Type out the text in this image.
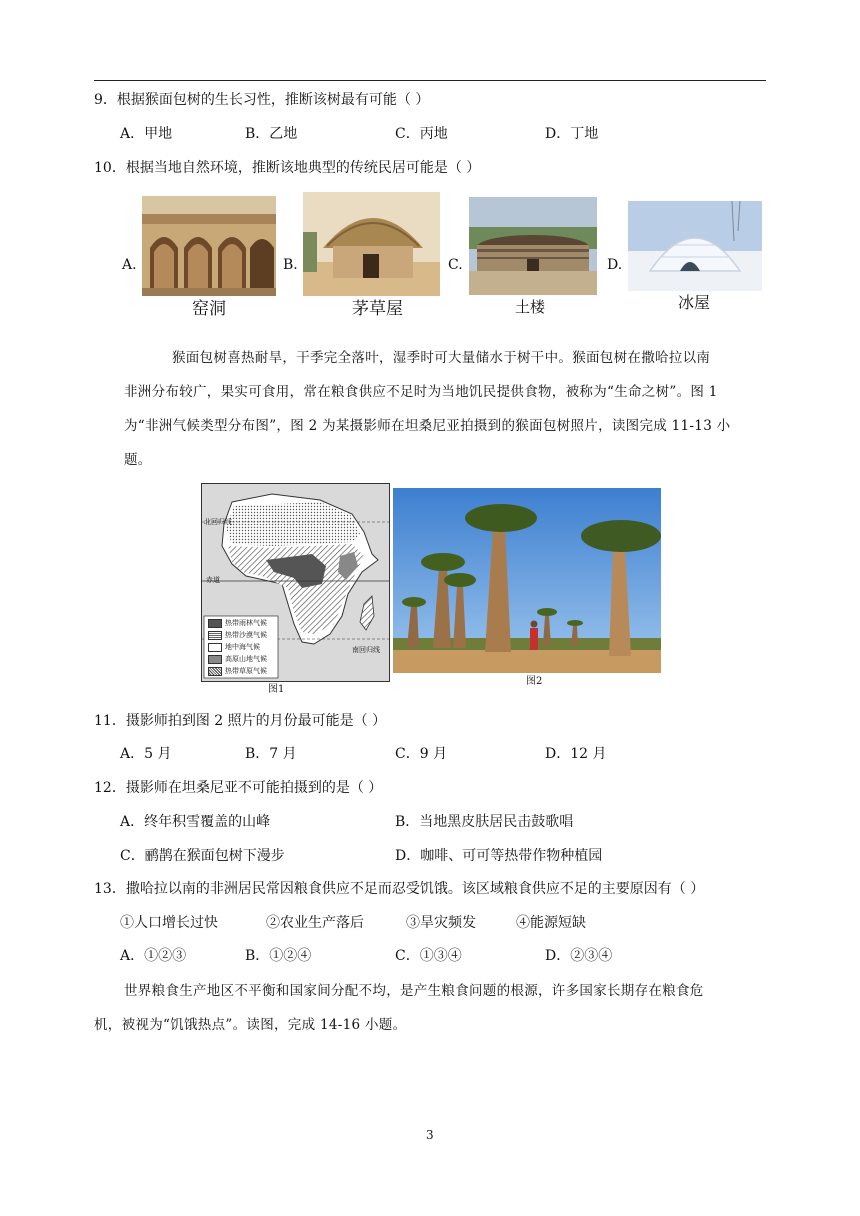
9．根据猴面包树的生长习性，推断该树最有可能（ ）
A．甲地	B．乙地	C．丙地	D．丁地
10．根据当地自然环境，推断该地典型的传统民居可能是（ ）
A.
窑洞
B.
茅草屋
C.
土楼
D.
冰屋
猴面包树喜热耐旱，干季完全落叶，湿季时可大量储水于树干中。猴面包树在撒哈拉以南
非洲分布较广，果实可食用，常在粮食供应不足时为当地饥民提供食物，被称为“生命之树”。图 1
为“非洲气候类型分布图”，图 2 为某摄影师在坦桑尼亚拍摄到的猴面包树照片，读图完成 11-13 小
题。
北回归线
赤道
南回归线
热带雨林气候
热带沙漠气候
地中海气候
高原山地气候
热带草原气候
图1
图2
11．摄影师拍到图 2 照片的月份最可能是（ ）
A．5 月	B．7 月	C．9 月	D．12 月
12．摄影师在坦桑尼亚不可能拍摄到的是（ ）
A．终年积雪覆盖的山峰	B．当地黑皮肤居民击鼓歌唱
C．鹂鹊在猴面包树下漫步	D．咖啡、可可等热带作物种植园
13．撒哈拉以南的非洲居民常因粮食供应不足而忍受饥饿。该区域粮食供应不足的主要原因有（ ）
①人口增长过快	②农业生产落后	③旱灾频发	④能源短缺
A．①②③	B．①②④	C．①③④	D．②③④
世界粮食生产地区不平衡和国家间分配不均，是产生粮食问题的根源，许多国家长期存在粮食危
机，被视为“饥饿热点”。读图，完成 14-16 小题。
3
